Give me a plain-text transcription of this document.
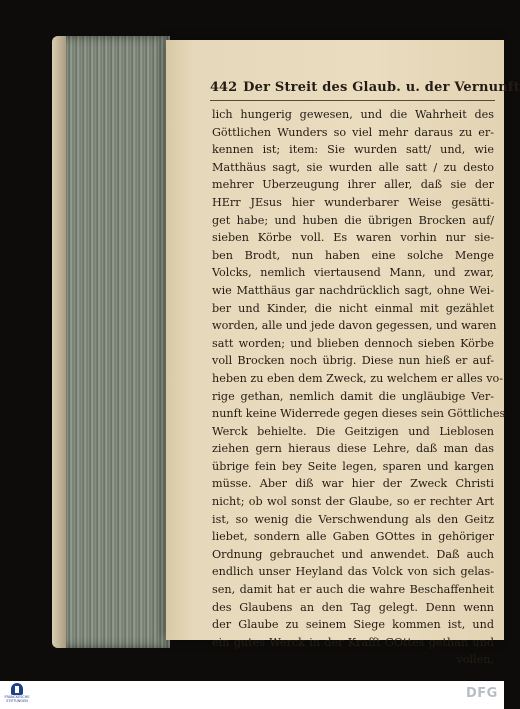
442 Der Streit des Glaub. u. der Vernunft
lich hungerig gewesen, und die Wahrheit des
Göttlichen Wunders so viel mehr daraus zu er-
kennen ist; item: Sie wurden satt/ und, wie
Matthäus sagt, sie wurden alle satt / zu desto
mehrer Uberzeugung ihrer aller, daß sie der
HErr JEsus hier wunderbarer Weise gesätti-
get habe; und huben die übrigen Brocken auf/
sieben Körbe voll. Es waren vorhin nur sie-
ben Brodt, nun haben eine solche Menge
Volcks, nemlich viertausend Mann, und zwar,
wie Matthäus gar nachdrücklich sagt, ohne Wei-
ber und Kinder, die nicht einmal mit gezählet
worden, alle und jede davon gegessen, und waren
satt worden; und blieben dennoch sieben Körbe
voll Brocken noch übrig. Diese nun hieß er auf-
heben zu eben dem Zweck, zu welchem er alles vo-
rige gethan, nemlich damit die ungläubige Ver-
nunft keine Widerrede gegen dieses sein Göttliches
Werck behielte. Die Geitzigen und Lieblosen
ziehen gern hieraus diese Lehre, daß man das
übrige fein bey Seite legen, sparen und kargen
müsse. Aber diß war hier der Zweck Christi
nicht; ob wol sonst der Glaube, so er rechter Art
ist, so wenig die Verschwendung als den Geitz
liebet, sondern alle Gaben GOttes in gehöriger
Ordnung gebrauchet und anwendet. Daß auch
endlich unser Heyland das Volck von sich gelas-
sen, damit hat er auch die wahre Beschaffenheit
des Glaubens an den Tag gelegt. Denn wenn
der Glaube zu seinem Siege kommen ist, und
ein gutes Werck in der Krafft GOttes gethan und
vollen,
FRANCKESCHE
STIFTUNGEN	DFG
